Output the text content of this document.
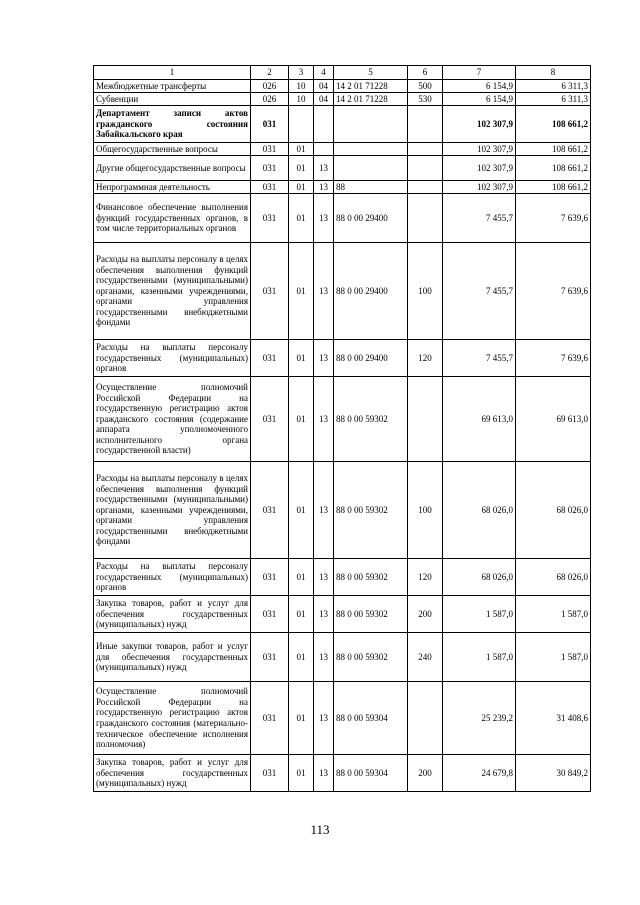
1	2	3	4	5	6	7	8
Межбюджетные трансферты	026	10	04	14 2 01 71228	500	6 154,9	6 311,3
Субвенции	026	10	04	14 2 01 71228	530	6 154,9	6 311,3
Департамент записи актов гражданского состояния Забайкальского края	031					102 307,9	108 661,2
Общегосударственные вопросы	031	01				102 307,9	108 661,2
Другие общегосударственные вопросы	031	01	13			102 307,9	108 661,2
Непрограммная деятельность	031	01	13	88		102 307,9	108 661,2
Финансовое обеспечение выполнения функций государственных органов, в том числе территориальных органов	031	01	13	88 0 00 29400		7 455,7	7 639,6
Расходы на выплаты персоналу в целях обеспечения выполнения функций государственными (муниципальными) органами, казенными учреждениями, органами управления государственными внебюджетными фондами	031	01	13	88 0 00 29400	100	7 455,7	7 639,6
Расходы на выплаты персоналу государственных (муниципальных) органов	031	01	13	88 0 00 29400	120	7 455,7	7 639,6
Осуществление полномочий Российской Федерации на государственную регистрацию актов гражданского состояния (содержание аппарата уполномоченного исполнительного органа государственной власти)	031	01	13	88 0 00 59302		69 613,0	69 613,0
Расходы на выплаты персоналу в целях обеспечения выполнения функций государственными (муниципальными) органами, казенными учреждениями, органами управления государственными внебюджетными фондами	031	01	13	88 0 00 59302	100	68 026,0	68 026,0
Расходы на выплаты персоналу государственных (муниципальных) органов	031	01	13	88 0 00 59302	120	68 026,0	68 026,0
Закупка товаров, работ и услуг для обеспечения государственных (муниципальных) нужд	031	01	13	88 0 00 59302	200	1 587,0	1 587,0
Иные закупки товаров, работ и услуг для обеспечения государственных (муниципальных) нужд	031	01	13	88 0 00 59302	240	1 587,0	1 587,0
Осуществление полномочий Российской Федерации на государственную регистрацию актов гражданского состояния (материально-техническое обеспечение исполнения полномочия)	031	01	13	88 0 00 59304		25 239,2	31 408,6
Закупка товаров, работ и услуг для обеспечения государственных (муниципальных) нужд	031	01	13	88 0 00 59304	200	24 679,8	30 849,2
113
